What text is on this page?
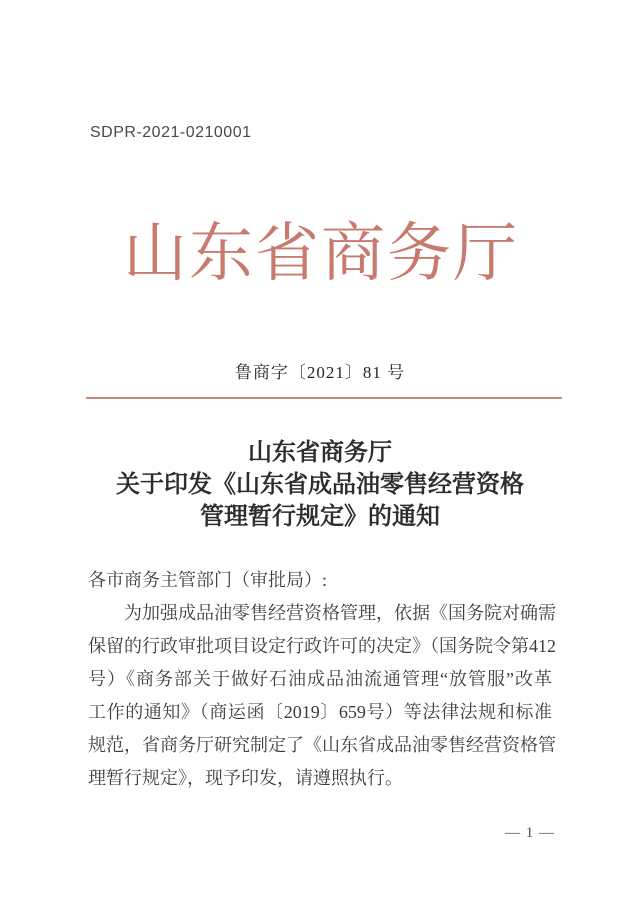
SDPR-2021-0210001
山东省商务厅
鲁商字〔2021〕81 号
山东省商务厅
关于印发《山东省成品油零售经营资格
管理暂行规定》的通知
各市商务主管部门（审批局）:
为加强成品油零售经营资格管理，依据《国务院对确需
保留的行政审批项目设定行政许可的决定》（国务院令第412
号）《商务部关于做好石油成品油流通管理“放管服”改革
工作的通知》（商运函〔2019〕659号）等法律法规和标准
规范，省商务厅研究制定了《山东省成品油零售经营资格管
理暂行规定》，现予印发，请遵照执行。
— 1 —
